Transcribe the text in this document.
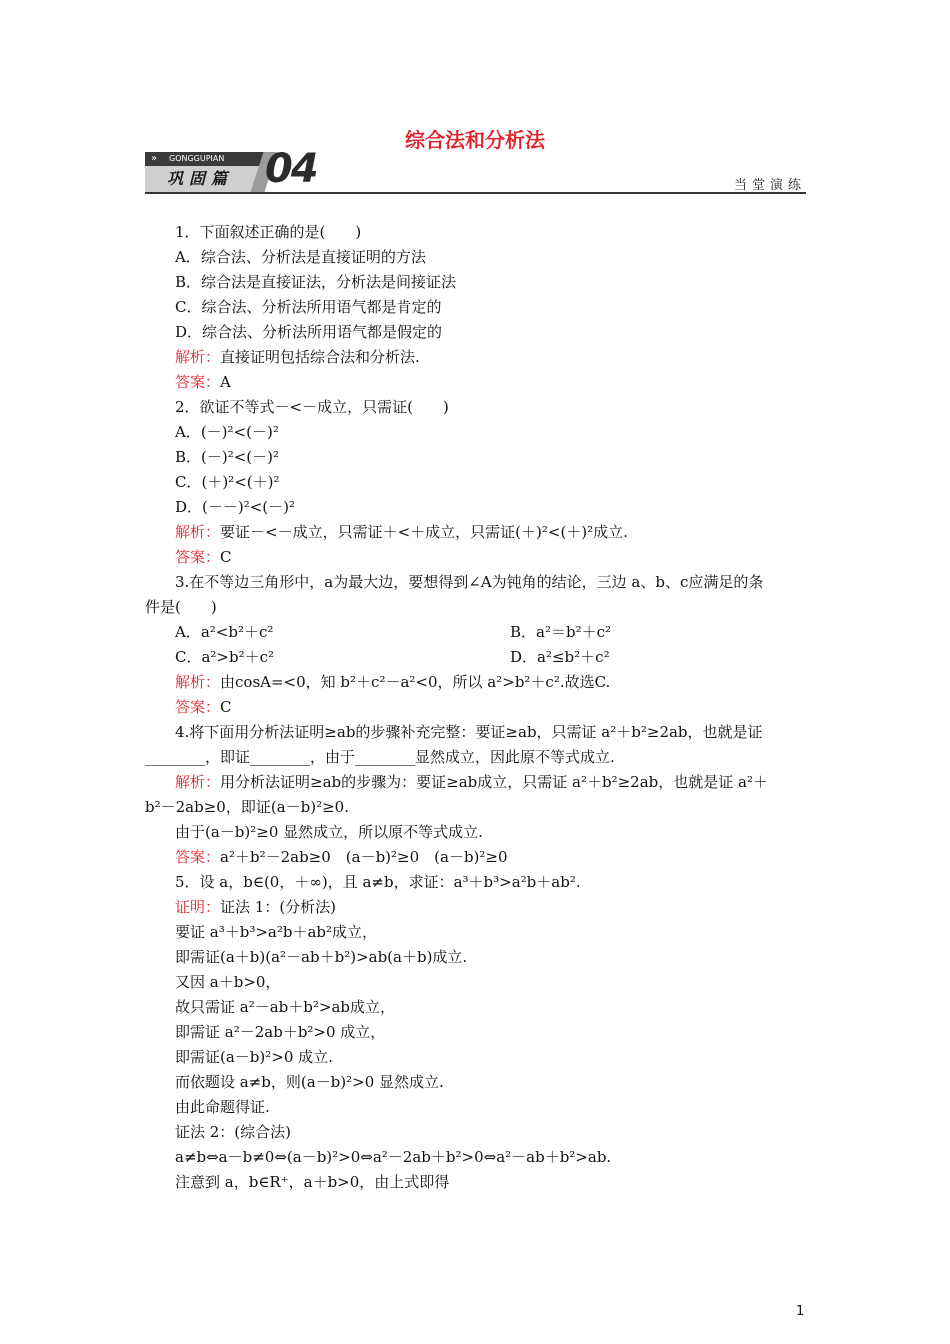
综合法和分析法
GONGGUPIAN
»
巩固篇 04	当堂演练
1．下面叙述正确的是(　　)
A．综合法、分析法是直接证明的方法
B．综合法是直接证法，分析法是间接证法
C．综合法、分析法所用语气都是肯定的
D．综合法、分析法所用语气都是假定的
解析：直接证明包括综合法和分析法.
答案：A
2．欲证不等式－<－成立，只需证(　　)
A．(－)²<(－)²
B．(－)²<(－)²
C．(＋)²<(＋)²
D．(－－)²<(－)²
解析：要证－<－成立，只需证＋<＋成立，只需证(＋)²<(＋)²成立.
答案：C
3.在不等边三角形中，a为最大边，要想得到∠A为钝角的结论，三边 a、b、c应满足的条
件是(　　)
A．a²<b²＋c²	B．a²＝b²＋c²
C．a²>b²＋c²	D．a²≤b²＋c²
解析：由cosA=<0，知 b²＋c²－a²<0，所以 a²>b²＋c².故选C.
答案：C
4.将下面用分析法证明≥ab的步骤补充完整：要证≥ab，只需证 a²＋b²≥2ab，也就是证
________，即证________，由于________显然成立，因此原不等式成立.
解析：用分析法证明≥ab的步骤为：要证≥ab成立，只需证 a²＋b²≥2ab，也就是证 a²＋
b²－2ab≥0，即证(a－b)²≥0.
由于(a－b)²≥0 显然成立，所以原不等式成立.
答案：a²＋b²－2ab≥0　(a－b)²≥0　(a－b)²≥0
5．设 a，b∈(0，＋∞)，且 a≠b，求证：a³＋b³>a²b＋ab².
证明：证法 1：(分析法)
要证 a³＋b³>a²b＋ab²成立，
即需证(a＋b)(a²－ab＋b²)>ab(a＋b)成立.
又因 a＋b>0，
故只需证 a²－ab＋b²>ab成立，
即需证 a²－2ab＋b²>0 成立，
即需证(a－b)²>0 成立.
而依题设 a≠b，则(a－b)²>0 显然成立.
由此命题得证.
证法 2：(综合法)
a≠b⇔a－b≠0⇔(a－b)²>0⇔a²－2ab＋b²>0⇔a²－ab＋b²>ab.
注意到 a，b∈R⁺，a＋b>0，由上式即得
1
